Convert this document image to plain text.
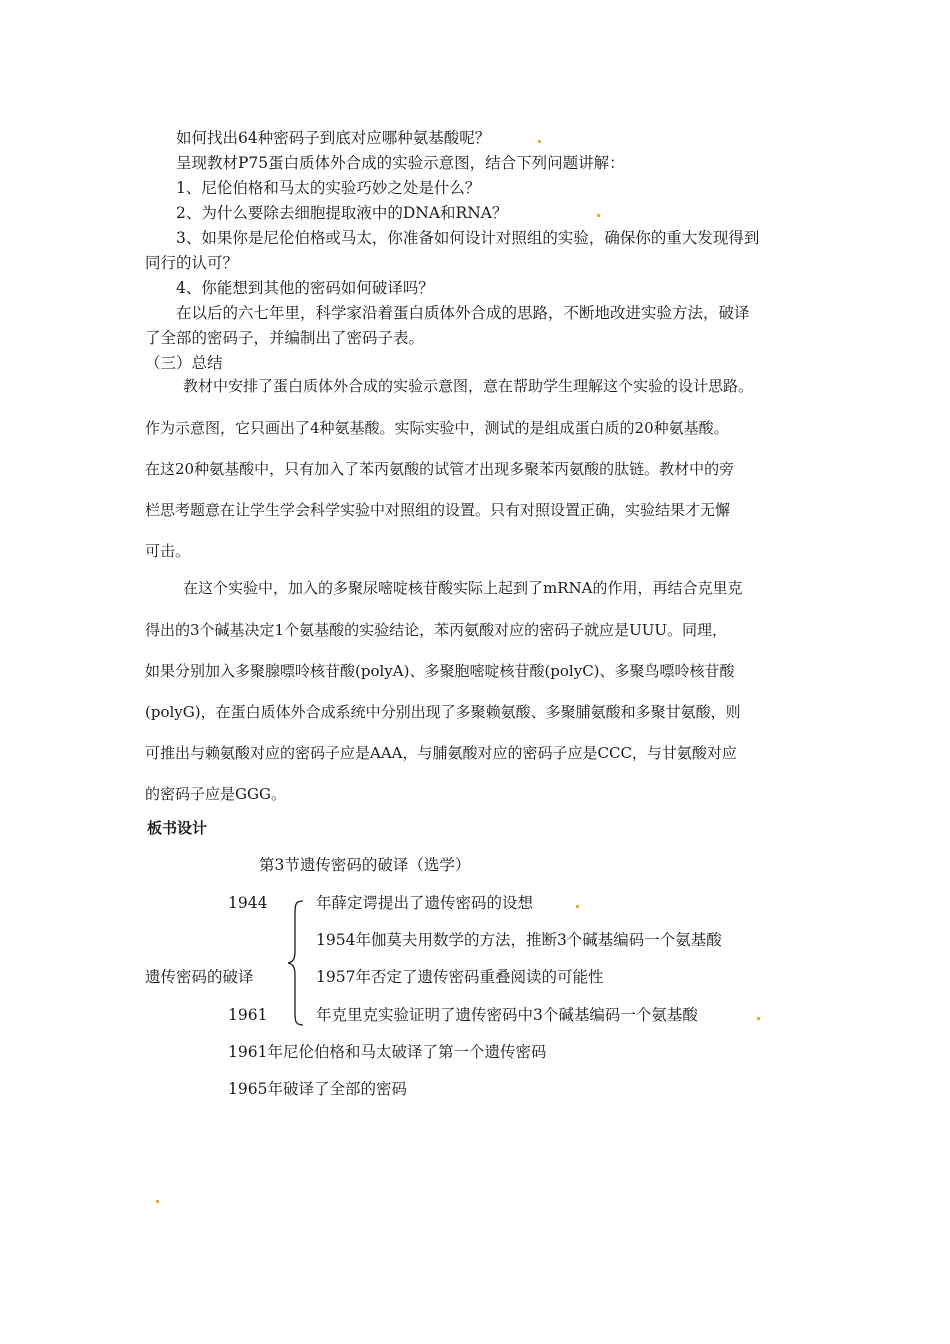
如何找出64种密码子到底对应哪种氨基酸呢？
呈现教材P75蛋白质体外合成的实验示意图，结合下列问题讲解：
1、尼伦伯格和马太的实验巧妙之处是什么？
2、为什么要除去细胞提取液中的DNA和RNA？
3、如果你是尼伦伯格或马太，你准备如何设计对照组的实验，确保你的重大发现得到
同行的认可？
4、你能想到其他的密码如何破译吗？
在以后的六七年里，科学家沿着蛋白质体外合成的思路，不断地改进实验方法，破译
了全部的密码子，并编制出了密码子表。
（三）总结
教材中安排了蛋白质体外合成的实验示意图，意在帮助学生理解这个实验的设计思路。
作为示意图，它只画出了4种氨基酸。实际实验中，测试的是组成蛋白质的20种氨基酸。
在这20种氨基酸中，只有加入了苯丙氨酸的试管才出现多聚苯丙氨酸的肽链。教材中的旁
栏思考题意在让学生学会科学实验中对照组的设置。只有对照设置正确，实验结果才无懈
可击。
在这个实验中，加入的多聚尿嘧啶核苷酸实际上起到了mRNA的作用，再结合克里克
得出的3个碱基决定1个氨基酸的实验结论，苯丙氨酸对应的密码子就应是UUU。同理，
如果分别加入多聚腺嘌呤核苷酸(polyA)、多聚胞嘧啶核苷酸(polyC)、多聚鸟嘌呤核苷酸
(polyG)，在蛋白质体外合成系统中分别出现了多聚赖氨酸、多聚脯氨酸和多聚甘氨酸，则
可推出与赖氨酸对应的密码子应是AAA，与脯氨酸对应的密码子应是CCC，与甘氨酸对应
的密码子应是GGG。
板书设计
第3节遗传密码的破译（选学）
1944	年薛定谔提出了遗传密码的设想
1954年伽莫夫用数学的方法，推断3个碱基编码一个氨基酸
遗传密码的破译	1957年否定了遗传密码重叠阅读的可能性
1961	年克里克实验证明了遗传密码中3个碱基编码一个氨基酸
1961年尼伦伯格和马太破译了第一个遗传密码
1965年破译了全部的密码
